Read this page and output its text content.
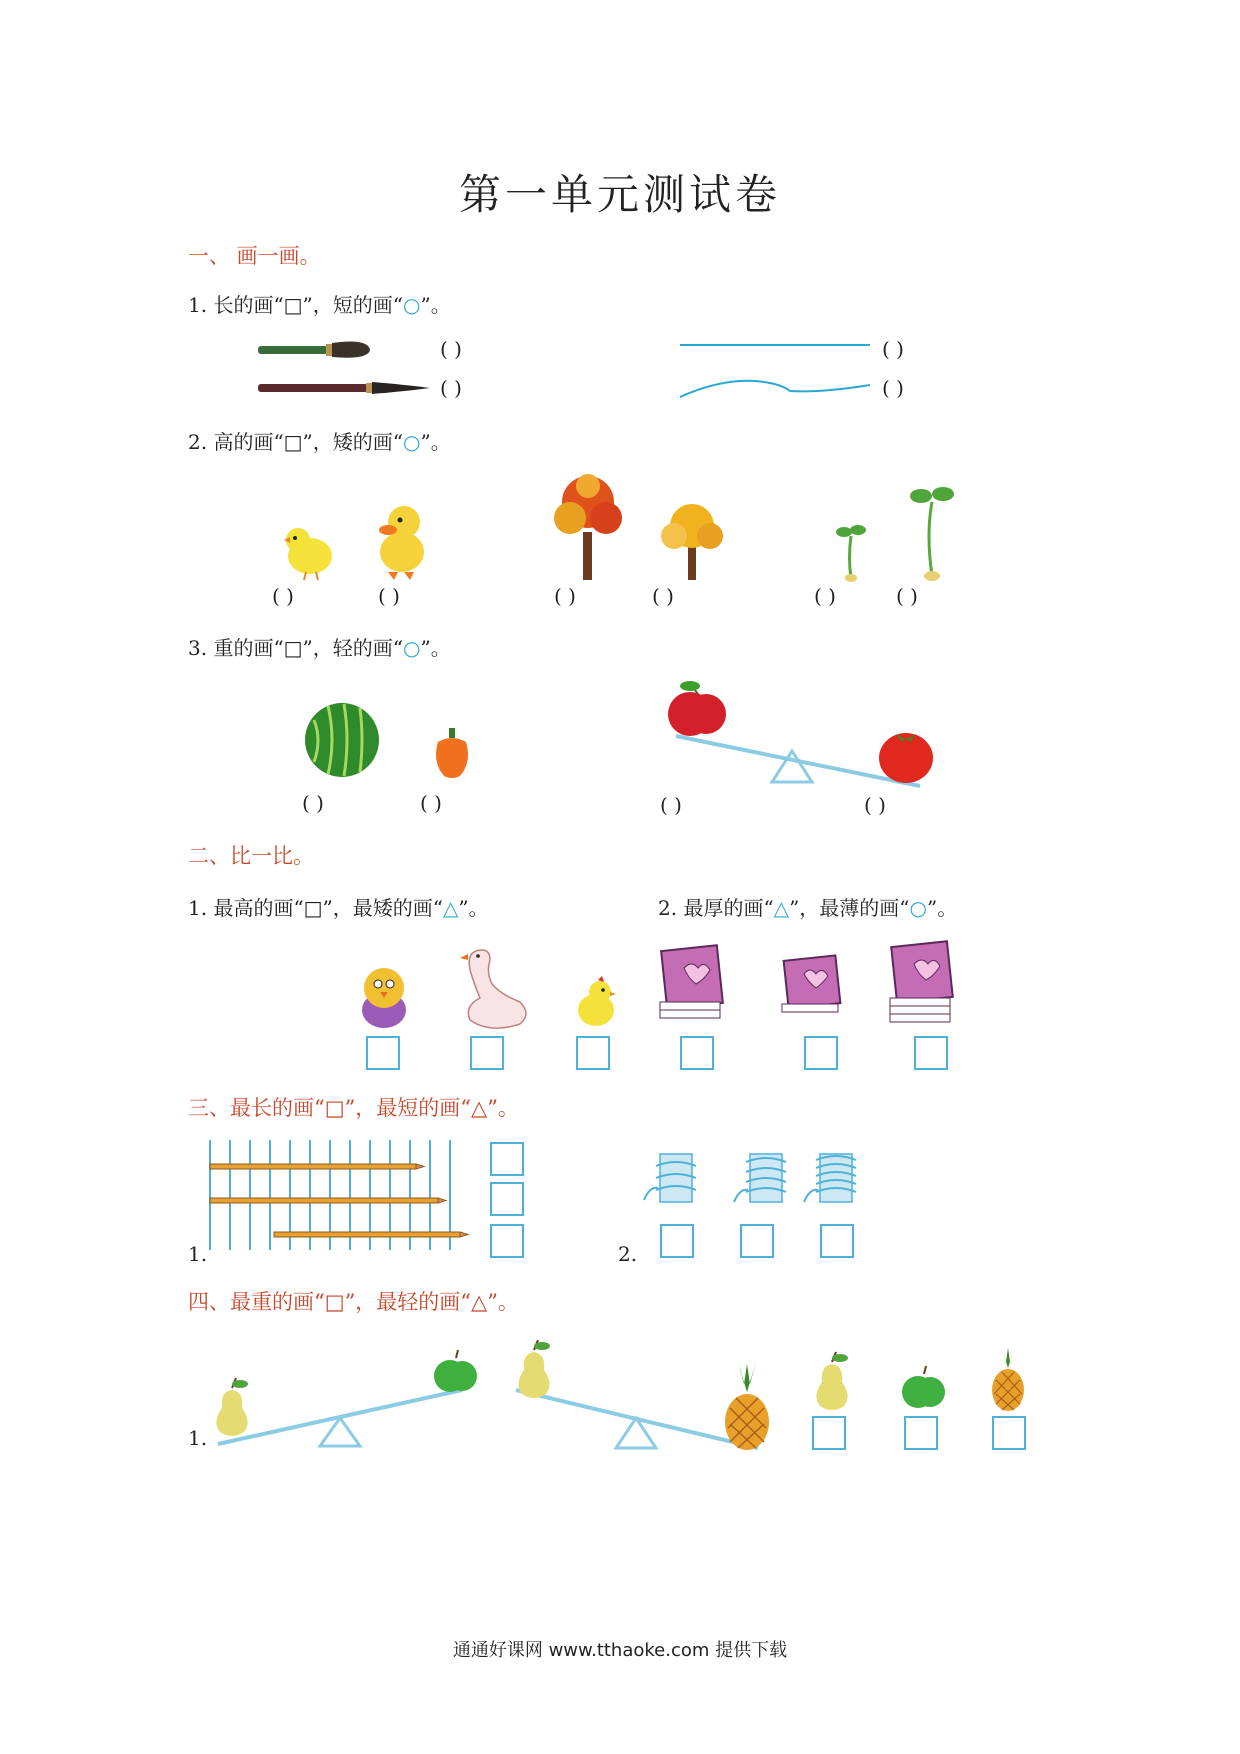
第一单元测试卷
一、 画一画。
1. 长的画“□”，短的画“○”。
( )
( )
( )
( )
2. 高的画“□”，矮的画“○”。
( )	( )	( )	( )	( )	( )
3. 重的画“□”，轻的画“○”。
( )	( )	( )	( )
二、比一比。
1. 最高的画“□”，最矮的画“△”。	2. 最厚的画“△”，最薄的画“○”。
三、最长的画“□”，最短的画“△”。
1.	2.
四、最重的画“□”，最轻的画“△”。
1.
通通好课网 www.tthaoke.com 提供下载
